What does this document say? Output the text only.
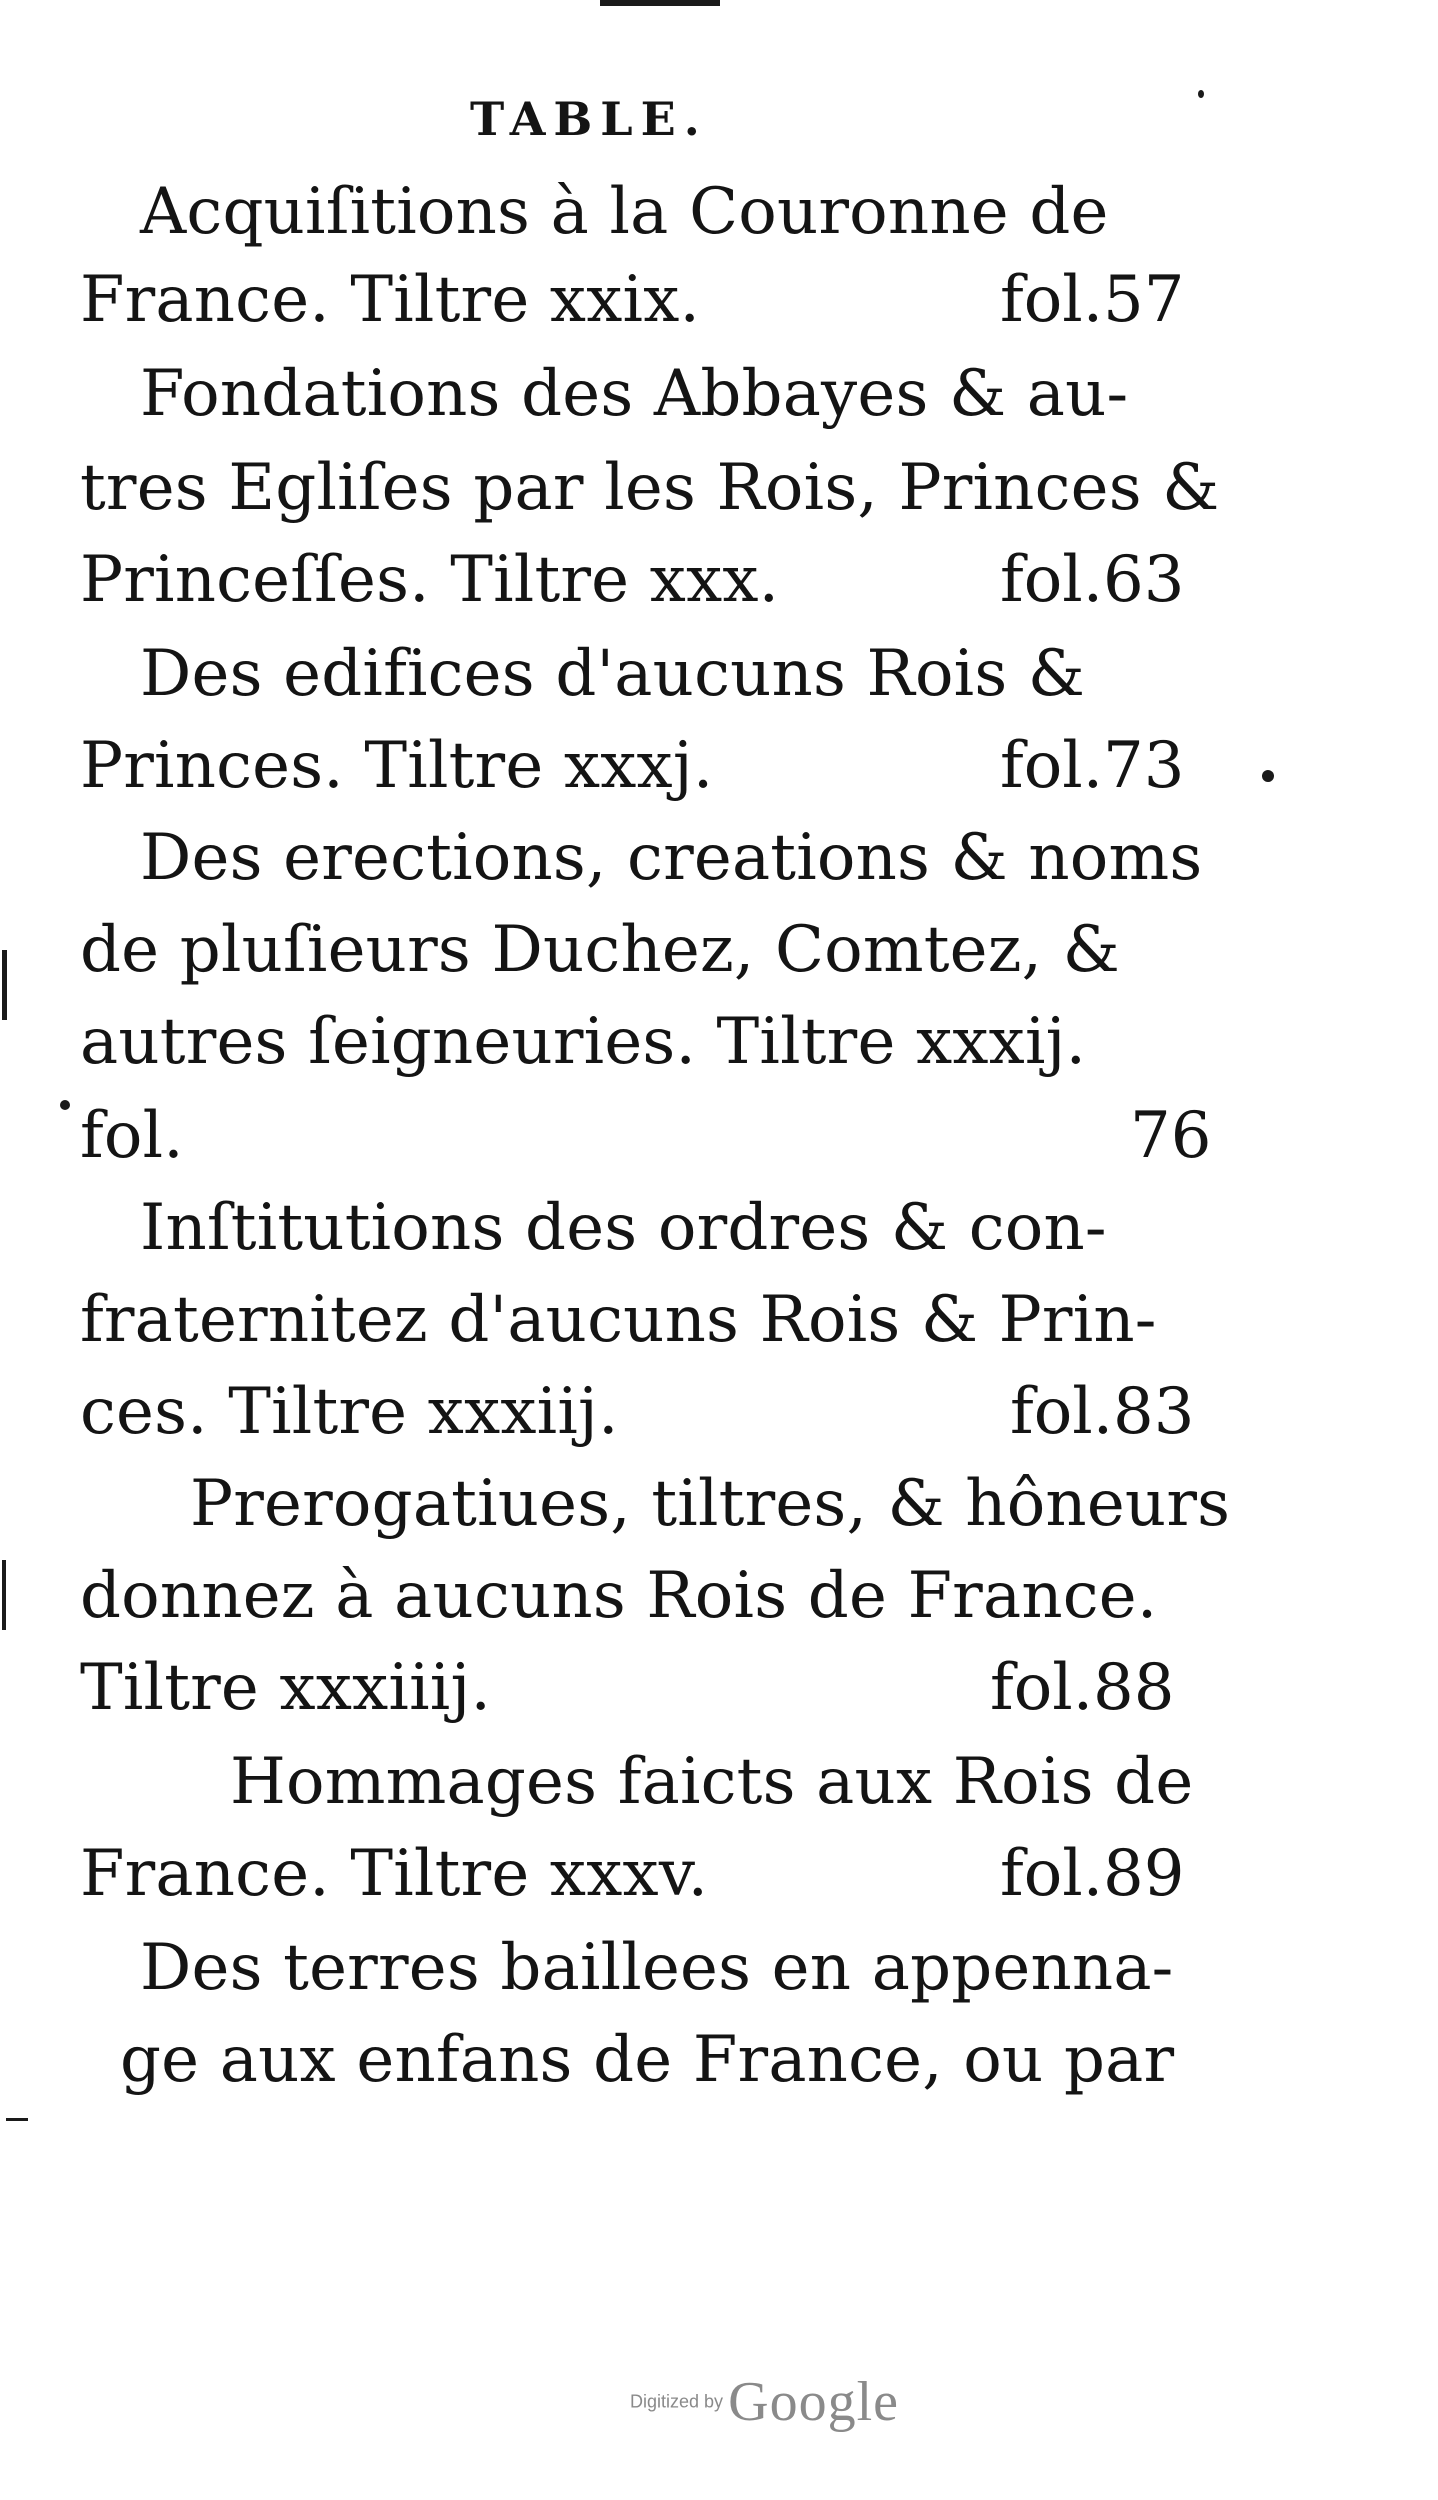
TABLE.
Acquiſitions à la Couronne de
France. Tiltre xxix.	fol.57
Fondations des Abbayes & au-
tres Egliſes par les Rois, Princes &
Princeſſes. Tiltre xxx.	fol.63
Des edifices d'aucuns Rois &
Princes. Tiltre xxxj.	fol.73
Des erections, creations & noms
de pluſieurs Duchez, Comtez, &
autres ſeigneuries. Tiltre xxxij.
fol.	76
Inſtitutions des ordres & con-
fraternitez d'aucuns Rois & Prin-
ces. Tiltre xxxiij.	fol.83
Prerogatiues, tiltres, & hôneurs
donnez à aucuns Rois de France.
Tiltre xxxiiij.	fol.88
Hommages faicts aux Rois de
France. Tiltre xxxv.	fol.89
Des terres baillees en appenna-
ge aux enfans de France, ou par
Digitized by Google
